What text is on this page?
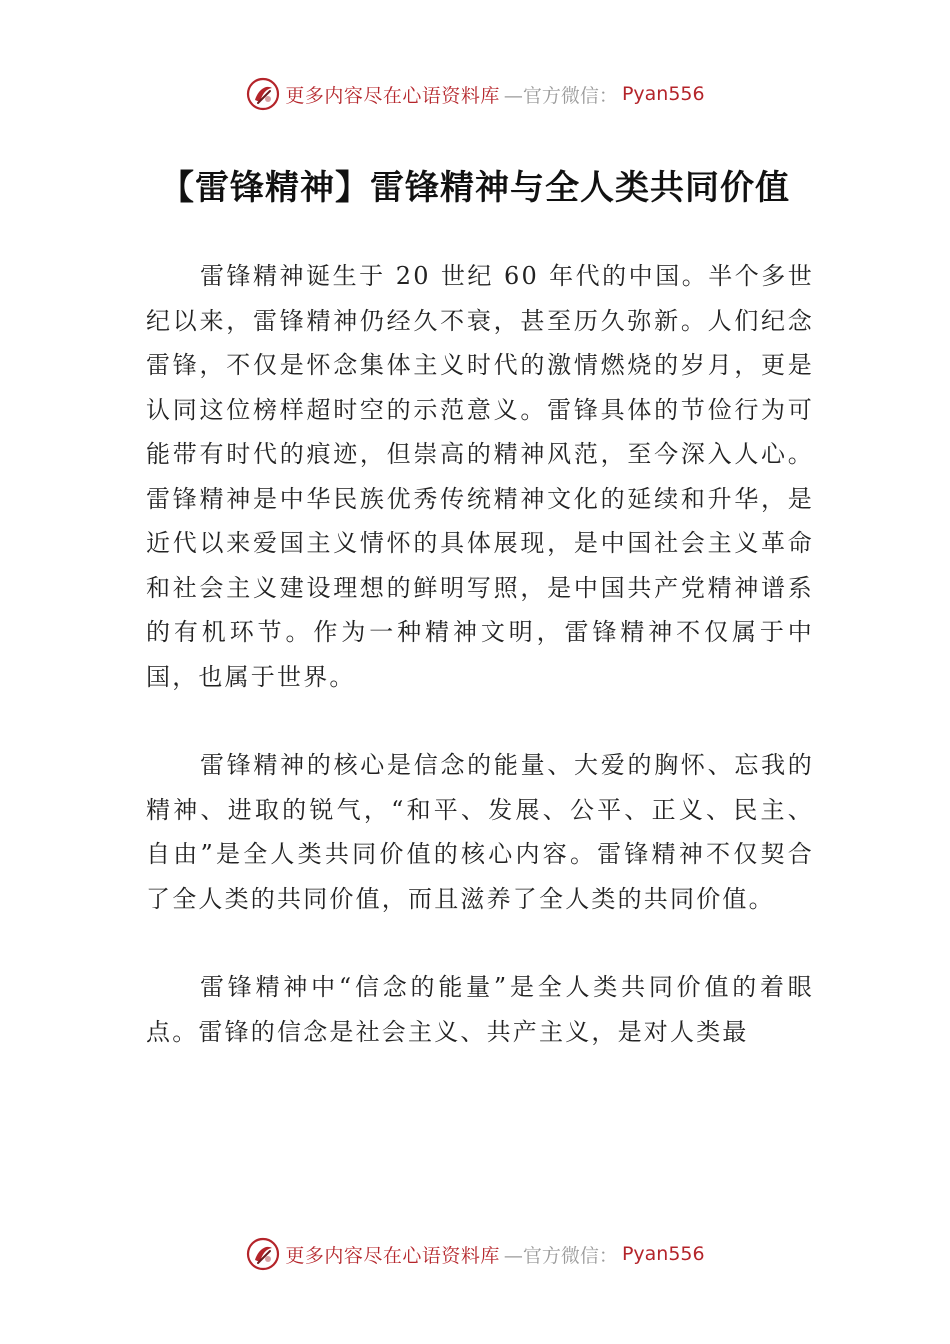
更多内容尽在心语资料库 —官方微信： Pyan556
【雷锋精神】雷锋精神与全人类共同价值

雷锋精神诞生于 20 世纪 60 年代的中国。半个多世纪以来，雷锋精神仍经久不衰，甚至历久弥新。人们纪念雷锋，不仅是怀念集体主义时代的激情燃烧的岁月，更是认同这位榜样超时空的示范意义。雷锋具体的节俭行为可能带有时代的痕迹，但崇高的精神风范，至今深入人心。雷锋精神是中华民族优秀传统精神文化的延续和升华，是近代以来爱国主义情怀的具体展现，是中国社会主义革命和社会主义建设理想的鲜明写照，是中国共产党精神谱系的有机环节。作为一种精神文明，雷锋精神不仅属于中国，也属于世界。

雷锋精神的核心是信念的能量、大爱的胸怀、忘我的精神、进取的锐气，“和平、发展、公平、正义、民主、自由”是全人类共同价值的核心内容。雷锋精神不仅契合了全人类的共同价值，而且滋养了全人类的共同价值。

雷锋精神中“信念的能量”是全人类共同价值的着眼点。雷锋的信念是社会主义、共产主义，是对人类最

更多内容尽在心语资料库 —官方微信： Pyan556
